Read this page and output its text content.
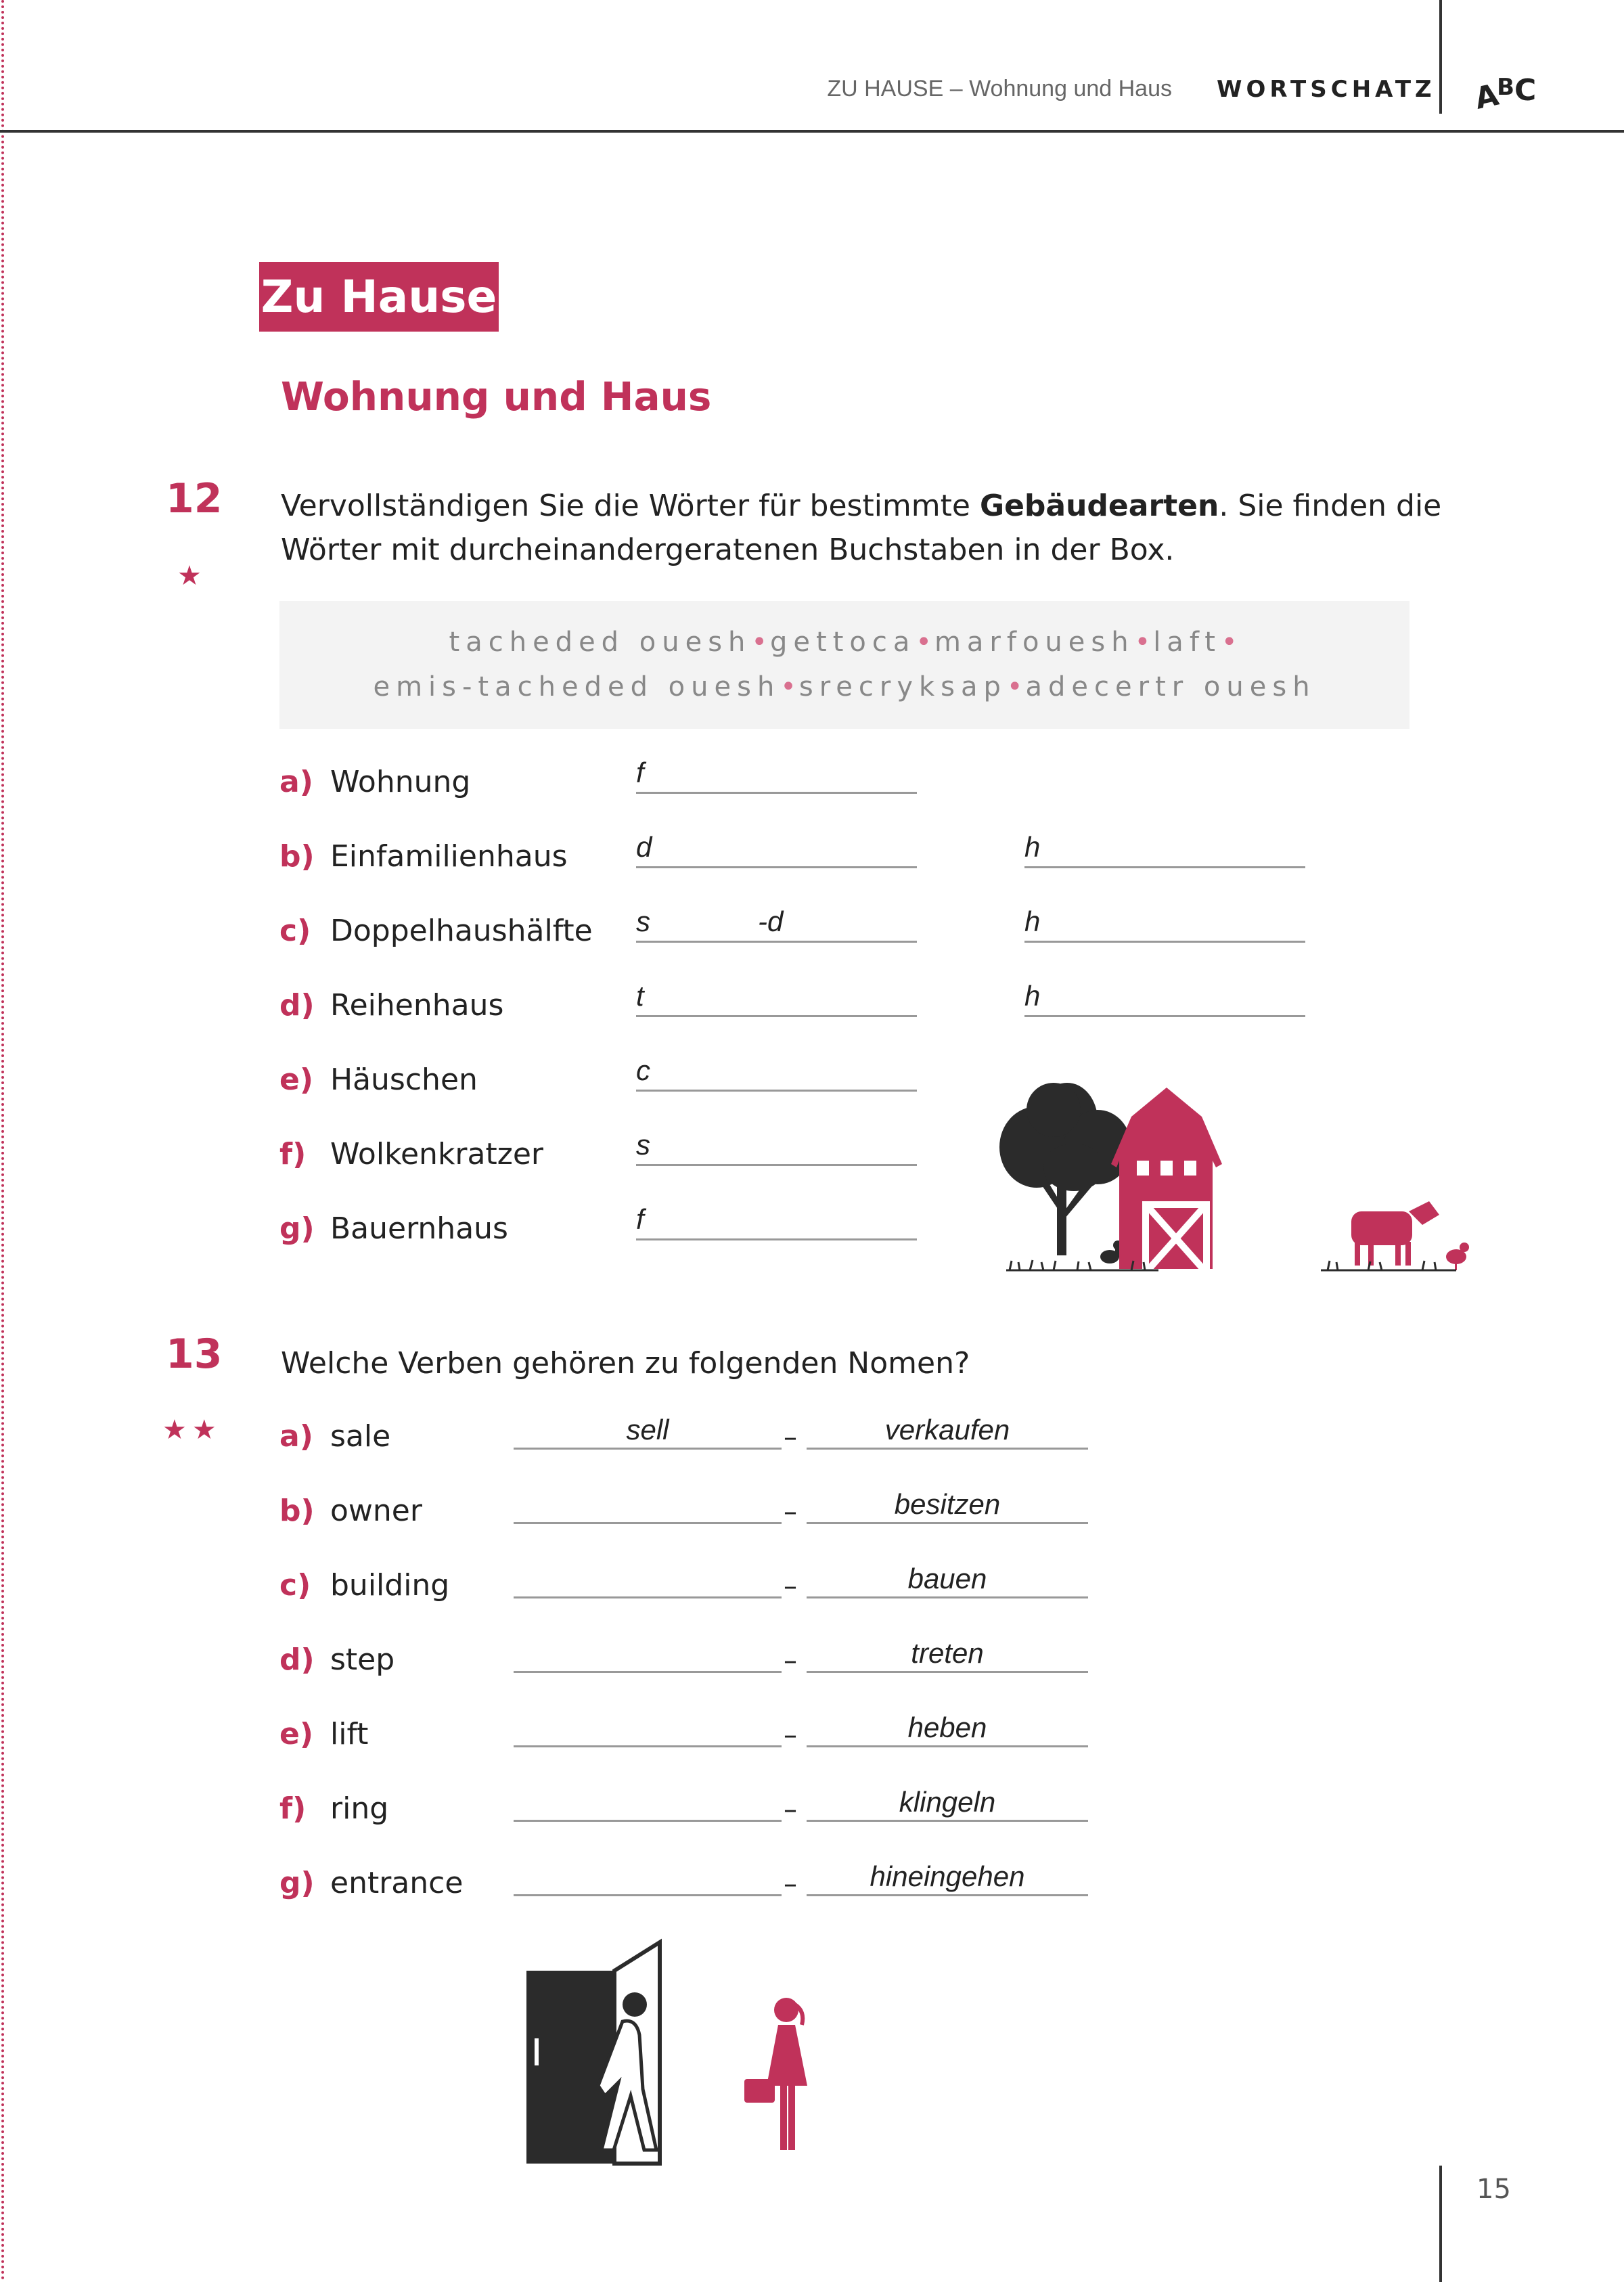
ZU HAUSE – Wohnung und Haus WORTSCHATZ ABC
Zu Hause
Wohnung und Haus
12
★
Vervollständigen Sie die Wörter für bestimmte Gebäudearten. Sie finden die
Wörter mit durcheinandergeratenen Buchstaben in der Box.
tacheded ouesh•gettoca•marfouesh•laft•
emis-tacheded ouesh•srecryksap•adecertr ouesh
a) Wohnung	f
b) Einfamilienhaus d	h
c) Doppelhaushälfte s	-d	h
d) Reihenhaus	t	h
e) Häuschen	c
f) Wolkenkratzer	s
g) Bauernhaus	f
13
★★
Welche Verben gehören zu folgenden Nomen?
a) sale	sell	–	verkaufen
b) owner	–	besitzen
c) building	–	bauen
d) step	–	treten
e) lift	–	heben
f) ring	–	klingeln
g) entrance	–	hineingehen
15
